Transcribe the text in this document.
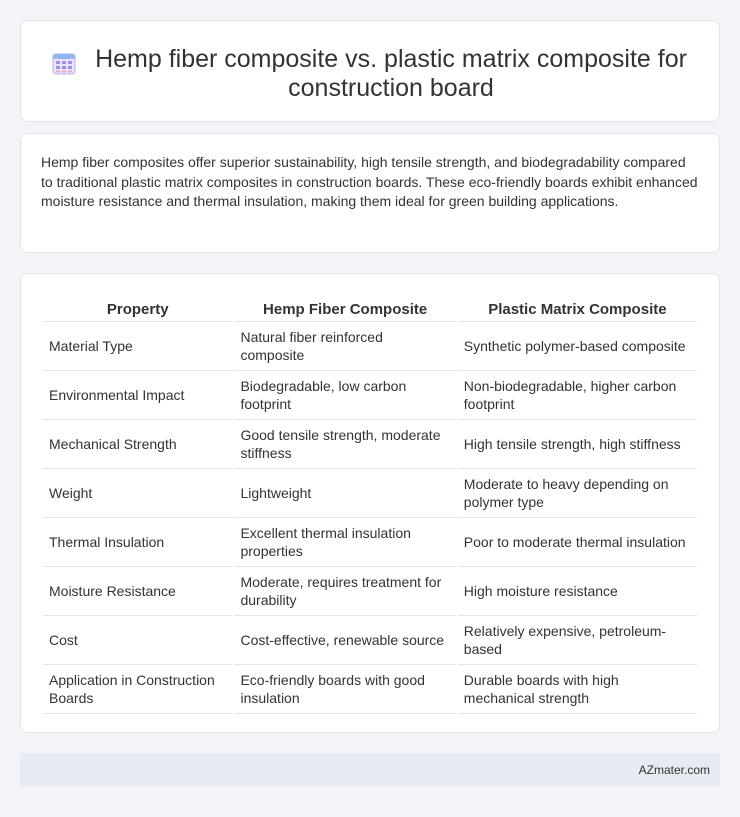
Hemp fiber composite vs. plastic matrix composite for construction board

Hemp fiber composites offer superior sustainability, high tensile strength, and biodegradability compared to traditional plastic matrix composites in construction boards. These eco-friendly boards exhibit enhanced moisture resistance and thermal insulation, making them ideal for green building applications.

Property	Hemp Fiber Composite	Plastic Matrix Composite
Material Type	Natural fiber reinforced composite	Synthetic polymer-based composite
Environmental Impact	Biodegradable, low carbon footprint	Non-biodegradable, higher carbon footprint
Mechanical Strength	Good tensile strength, moderate stiffness	High tensile strength, high stiffness
Weight	Lightweight	Moderate to heavy depending on polymer type
Thermal Insulation	Excellent thermal insulation properties	Poor to moderate thermal insulation
Moisture Resistance	Moderate, requires treatment for durability	High moisture resistance
Cost	Cost-effective, renewable source	Relatively expensive, petroleum-based
Application in Construction Boards	Eco-friendly boards with good insulation	Durable boards with high mechanical strength
AZmater.com
